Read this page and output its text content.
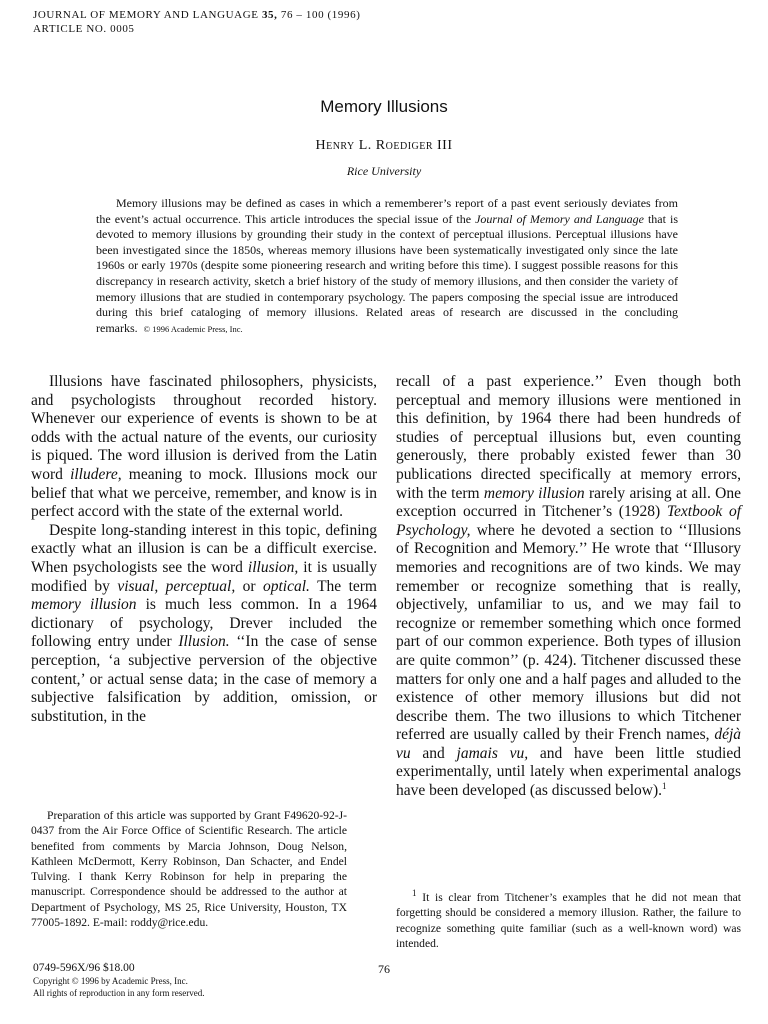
JOURNAL OF MEMORY AND LANGUAGE 35, 76 – 100 (1996)
ARTICLE NO. 0005
Memory Illusions
Henry L. Roediger III
Rice University
Memory illusions may be defined as cases in which a rememberer’s report of a past event seriously deviates from the event’s actual occurrence. This article introduces the special issue of the Journal of Memory and Language that is devoted to memory illusions by grounding their study in the context of perceptual illusions. Perceptual illusions have been investigated since the 1850s, whereas memory illusions have been systematically investigated only since the late 1960s or early 1970s (despite some pioneering research and writing before this time). I suggest possible reasons for this discrepancy in research activity, sketch a brief history of the study of memory illusions, and then consider the variety of memory illusions that are studied in contemporary psychology. The papers composing the special issue are introduced during this brief cataloging of memory illusions. Related areas of research are discussed in the concluding remarks. © 1996 Academic Press, Inc.

Illusions have fascinated philosophers, physicists, and psychologists throughout recorded history. Whenever our experience of events is shown to be at odds with the actual nature of the events, our curiosity is piqued. The word illusion is derived from the Latin word illudere, meaning to mock. Illusions mock our belief that what we perceive, remember, and know is in perfect accord with the state of the external world.

Despite long-standing interest in this topic, defining exactly what an illusion is can be a difficult exercise. When psychologists see the word illusion, it is usually modified by visual, perceptual, or optical. The term memory illusion is much less common. In a 1964 dictionary of psychology, Drever included the following entry under Illusion. ‘‘In the case of sense perception, ‘a subjective perversion of the objective content,’ or actual sense data; in the case of memory a subjective falsification by addition, omission, or substitution, in the

recall of a past experience.’’ Even though both perceptual and memory illusions were mentioned in this definition, by 1964 there had been hundreds of studies of perceptual illusions but, even counting generously, there probably existed fewer than 30 publications directed specifically at memory errors, with the term memory illusion rarely arising at all. One exception occurred in Titchener’s (1928) Textbook of Psychology, where he devoted a section to ‘‘Illusions of Recognition and Memory.’’ He wrote that ‘‘Illusory memories and recognitions are of two kinds. We may remember or recognize something that is really, objectively, unfamiliar to us, and we may fail to recognize or remember something which once formed part of our common experience. Both types of illusion are quite common’’ (p. 424). Titchener discussed these matters for only one and a half pages and alluded to the existence of other memory illusions but did not describe them. The two illusions to which Titchener referred are usually called by their French names, déjà vu and jamais vu, and have been little studied experimentally, until lately when experimental analogs have been developed (as discussed below).$^1$

Preparation of this article was supported by Grant F49620-92-J-0437 from the Air Force Office of Scientific Research. The article benefited from comments by Marcia Johnson, Doug Nelson, Kathleen McDermott, Kerry Robinson, Dan Schacter, and Endel Tulving. I thank Kerry Robinson for help in preparing the manuscript. Correspondence should be addressed to the author at Department of Psychology, MS 25, Rice University, Houston, TX 77005-1892. E-mail: roddy@rice.edu.

$^1$ It is clear from Titchener’s examples that he did not mean that forgetting should be considered a memory illusion. Rather, the failure to recognize something quite familiar (such as a well-known word) was intended.

0749-596X/96 $18.00
Copyright © 1996 by Academic Press, Inc.
All rights of reproduction in any form reserved.
76
